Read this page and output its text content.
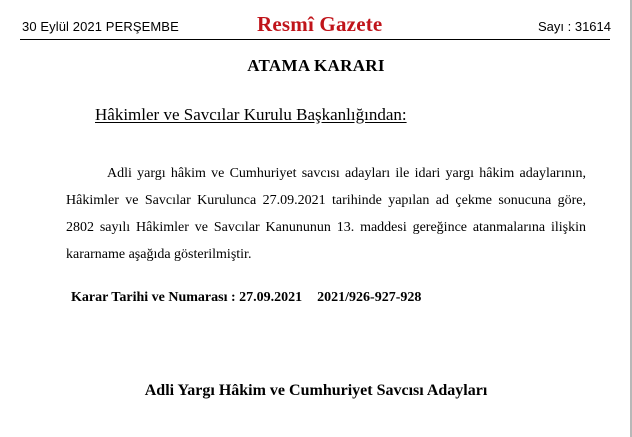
30 Eylül 2021 PERŞEMBE	Resmî Gazete	Sayı : 31614
ATAMA KARARI
Hâkimler ve Savcılar Kurulu Başkanlığından:

Adli yargı hâkim ve Cumhuriyet savcısı adayları ile idari yargı hâkim adaylarının, Hâkimler ve Savcılar Kurulunca 27.09.2021 tarihinde yapılan ad çekme sonucuna göre, 2802 sayılı Hâkimler ve Savcılar Kanununun 13. maddesi gereğince atanmalarına ilişkin kararname aşağıda gösterilmiştir.

Karar Tarihi ve Numarası : 27.09.2021 2021/926-927-928
Adli Yargı Hâkim ve Cumhuriyet Savcısı Adayları
